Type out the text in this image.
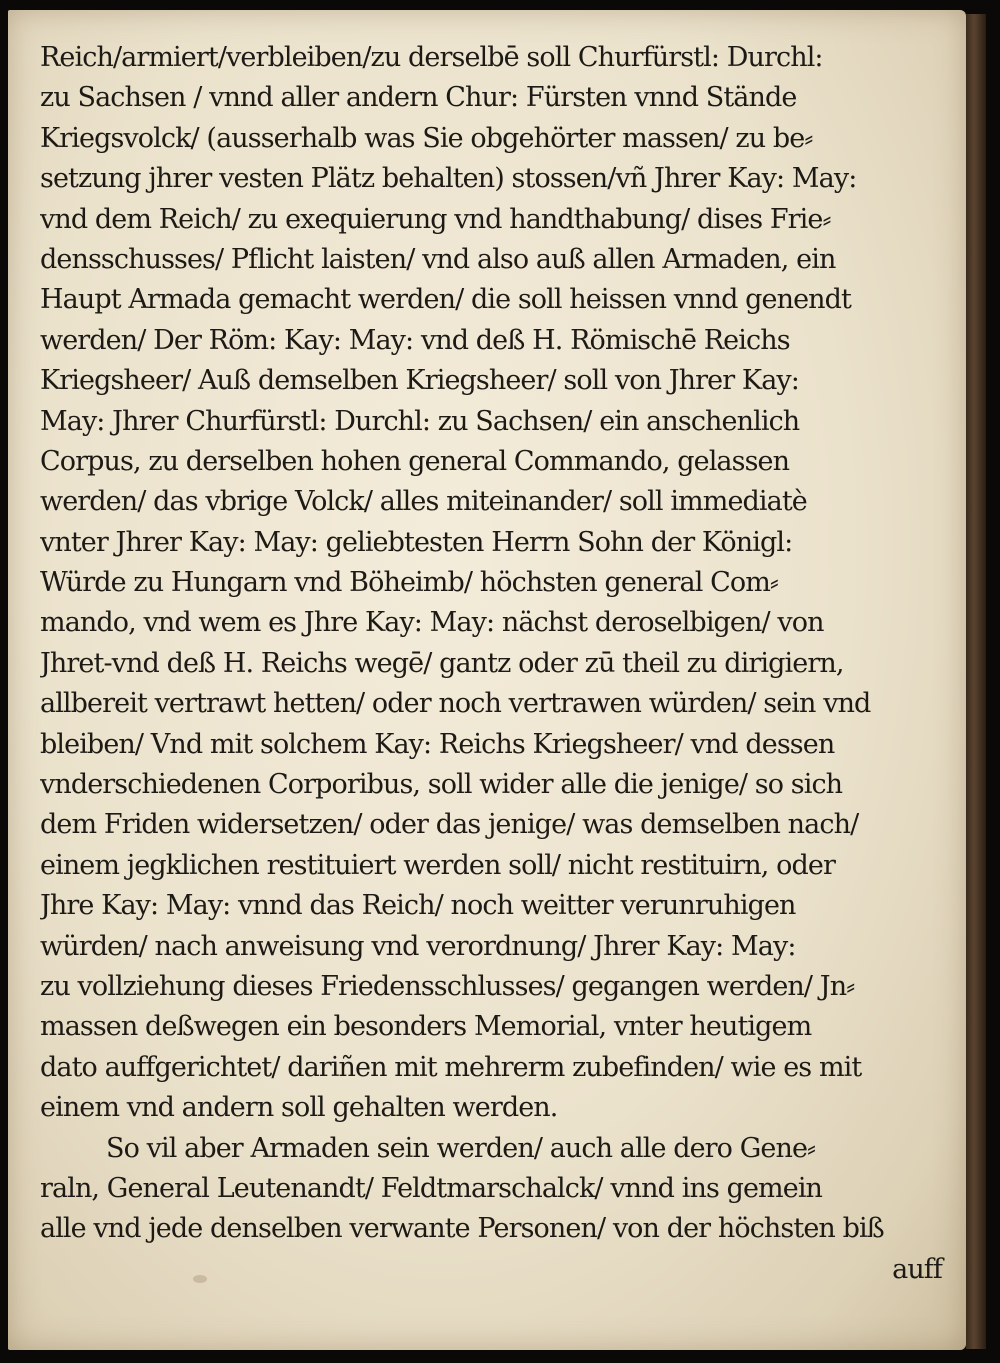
Reich/armiert/verbleiben/zu derselbē soll Churfürstl: Durchl:
zu Sachsen / vnnd aller andern Chur: Fürsten vnnd Stände
Kriegsvolck/ (ausserhalb was Sie obgehörter massen/ zu be⸗
setzung jhrer vesten Plätz behalten) stossen/vñ Jhrer Kay: May:
vnd dem Reich/ zu exequierung vnd handthabung/ dises Frie⸗
densschusses/ Pflicht laisten/ vnd also auß allen Armaden, ein
Haupt Armada gemacht werden/ die soll heissen vnnd genendt
werden/ Der Röm: Kay: May: vnd deß H. Römischē Reichs
Kriegsheer/ Auß demselben Kriegsheer/ soll von Jhrer Kay:
May: Jhrer Churfürstl: Durchl: zu Sachsen/ ein anschenlich
Corpus, zu derselben hohen general Commando, gelassen
werden/ das vbrige Volck/ alles miteinander/ soll immediatè
vnter Jhrer Kay: May: geliebtesten Herrn Sohn der Königl:
Würde zu Hungarn vnd Böheimb/ höchsten general Com⸗
mando, vnd wem es Jhre Kay: May: nächst deroselbigen/ von
Jhret-vnd deß H. Reichs wegē/ gantz oder zū theil zu dirigiern,
allbereit vertrawt hetten/ oder noch vertrawen würden/ sein vnd
bleiben/ Vnd mit solchem Kay: Reichs Kriegsheer/ vnd dessen
vnderschiedenen Corporibus, soll wider alle die jenige/ so sich
dem Friden widersetzen/ oder das jenige/ was demselben nach/
einem jegklichen restituiert werden soll/ nicht restituirn, oder
Jhre Kay: May: vnnd das Reich/ noch weitter verunruhigen
würden/ nach anweisung vnd verordnung/ Jhrer Kay: May:
zu vollziehung dieses Friedensschlusses/ gegangen werden/ Jn⸗
massen deßwegen ein besonders Memorial, vnter heutigem
dato auffgerichtet/ dariñen mit mehrerm zubefinden/ wie es mit
einem vnd andern soll gehalten werden.
So vil aber Armaden sein werden/ auch alle dero Gene⸗
raln, General Leutenandt/ Feldtmarschalck/ vnnd ins gemein
alle vnd jede denselben verwante Personen/ von der höchsten biß
auff
